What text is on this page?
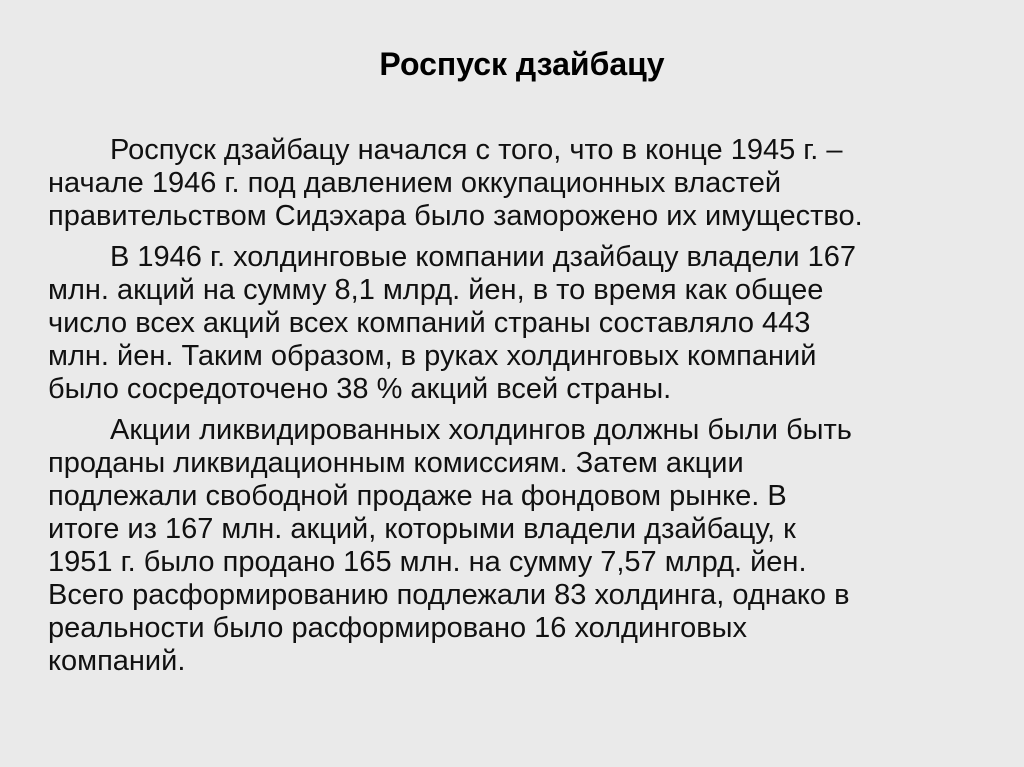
Роспуск дзайбацу

Роспуск дзайбацу начался с того, что в конце 1945 г. –
начале 1946 г. под давлением оккупационных властей
правительством Сидэхара было заморожено их имущество.

В 1946 г. холдинговые компании дзайбацу владели 167
млн. акций на сумму 8,1 млрд. йен, в то время как общее
число всех акций всех компаний страны составляло 443
млн. йен. Таким образом, в руках холдинговых компаний
было сосредоточено 38 % акций всей страны.

Акции ликвидированных холдингов должны были быть
проданы ликвидационным комиссиям. Затем акции
подлежали свободной продаже на фондовом рынке. В
итоге из 167 млн. акций, которыми владели дзайбацу, к
1951 г. было продано 165 млн. на сумму 7,57 млрд. йен.
Всего расформированию подлежали 83 холдинга, однако в
реальности было расформировано 16 холдинговых
компаний.
